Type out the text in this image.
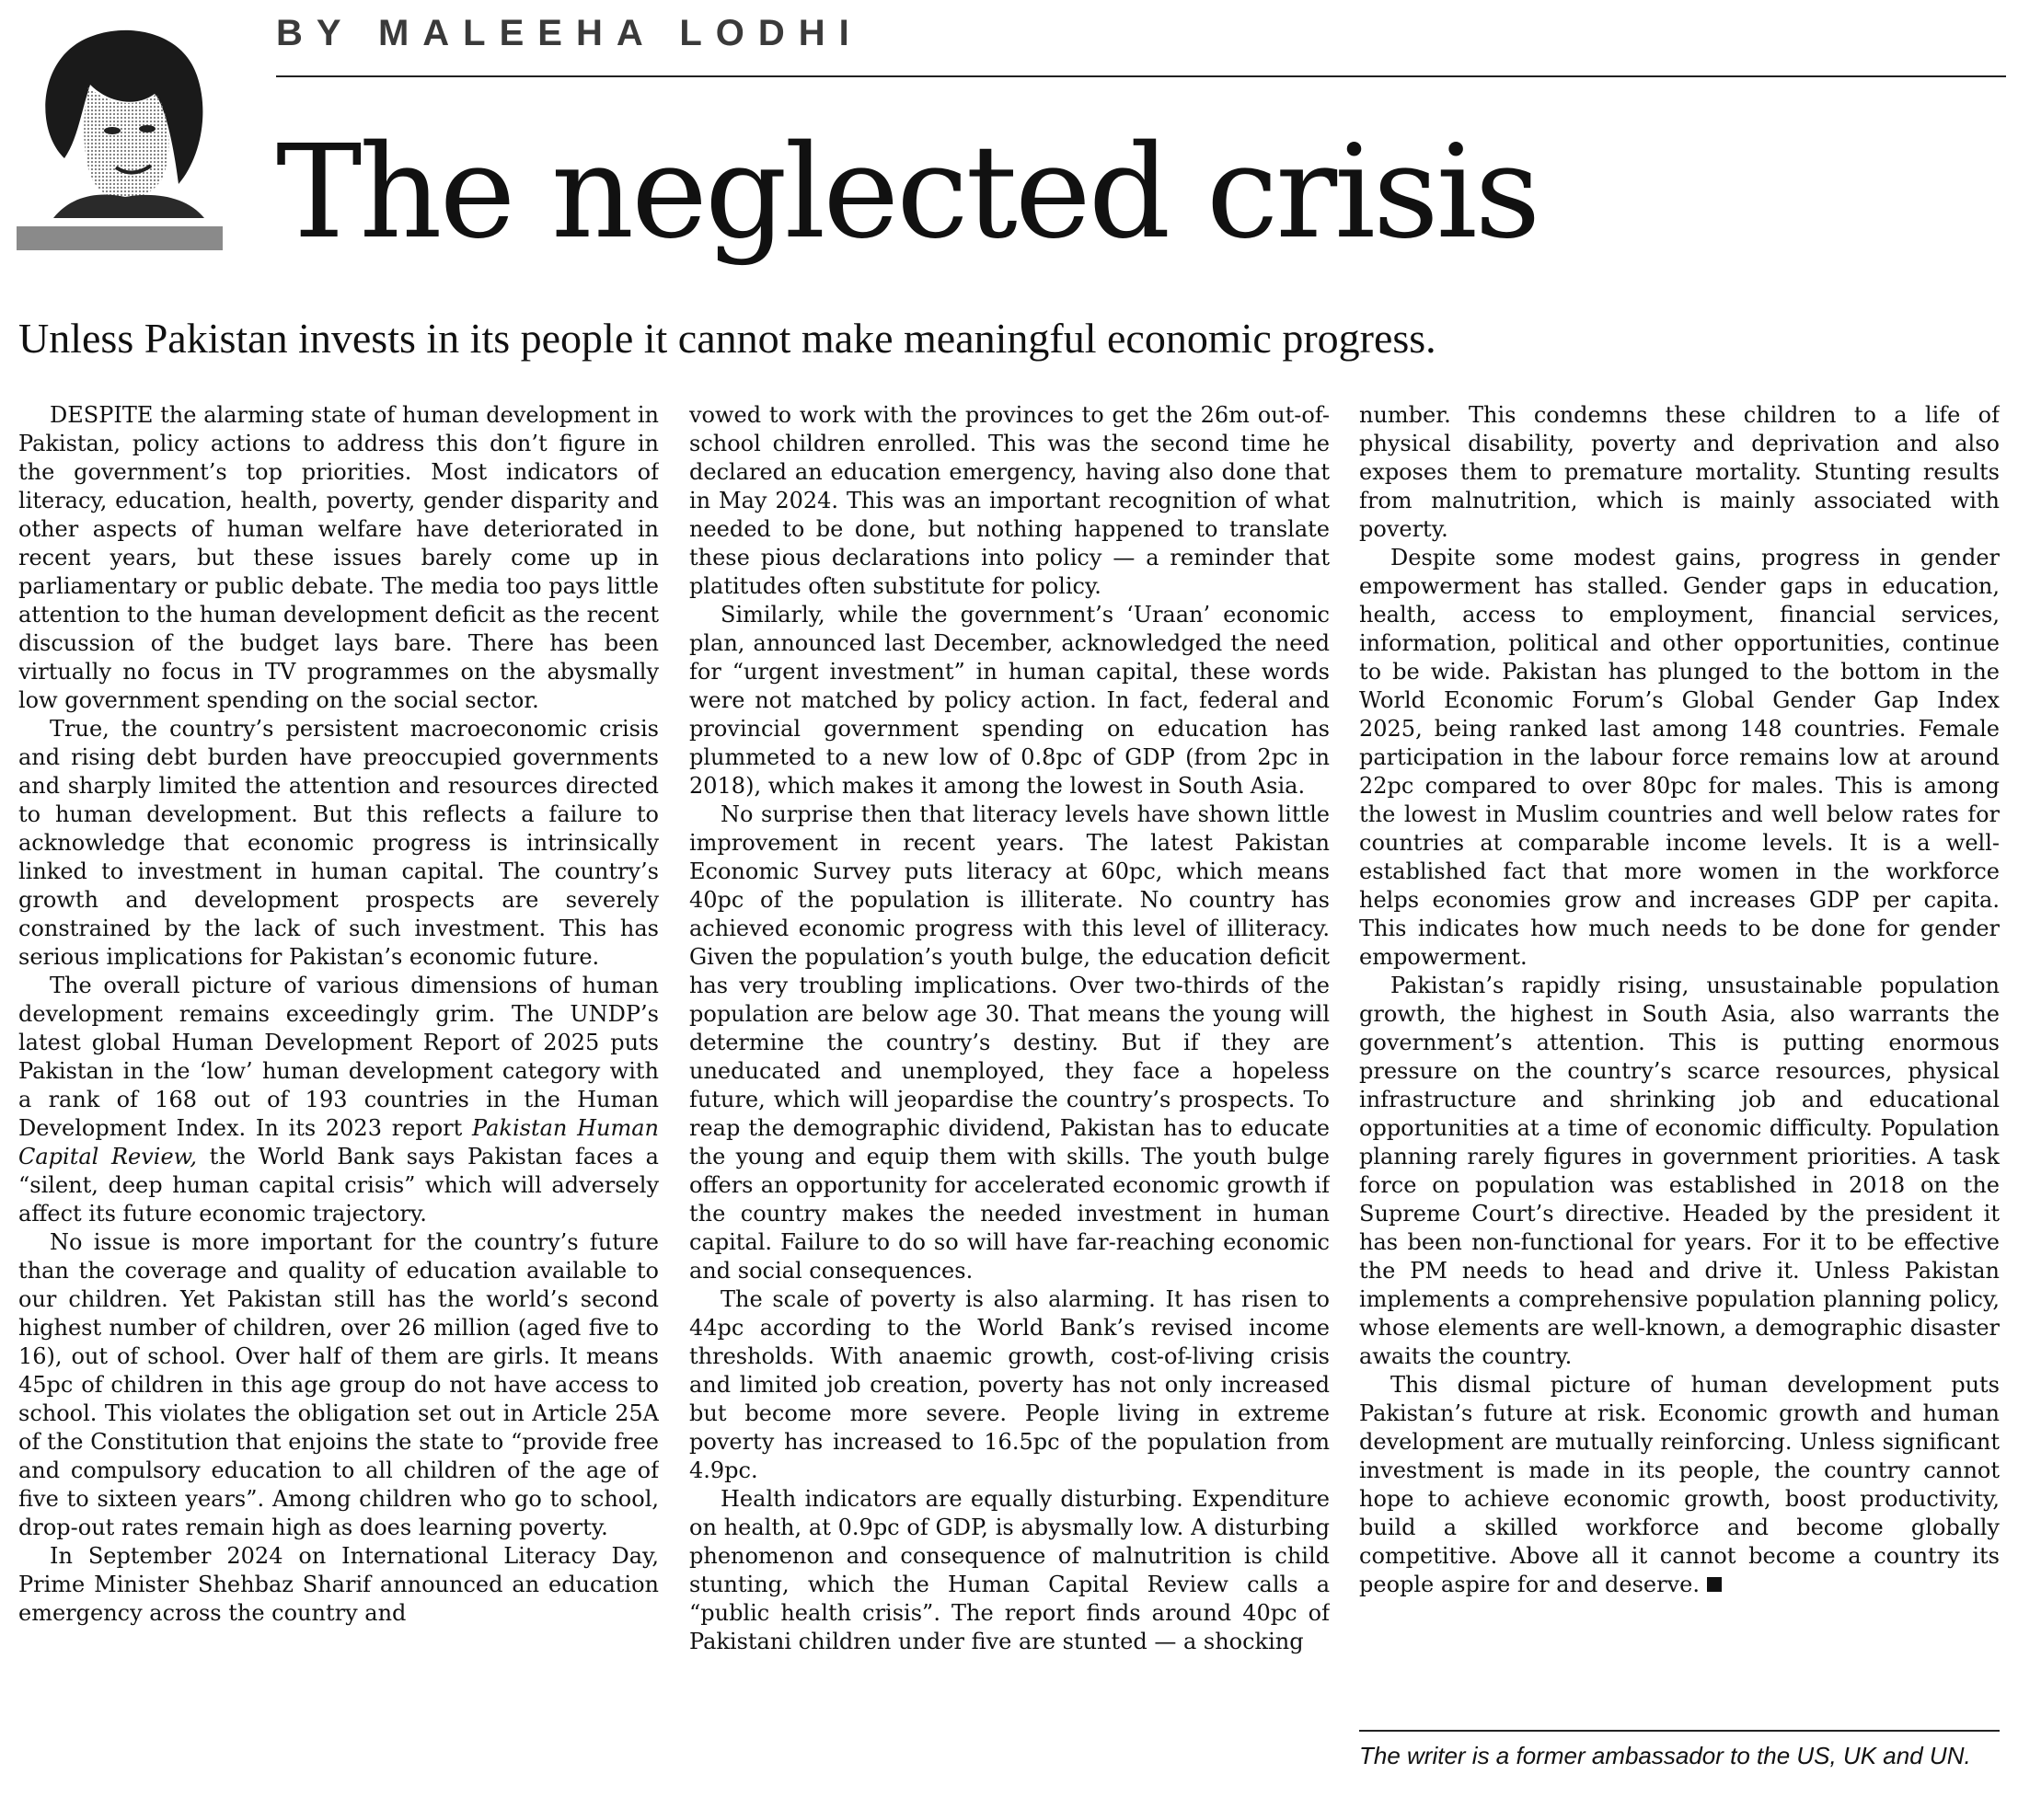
BY MALEEHA LODHI
The neglected crisis
Unless Pakistan invests in its people it cannot make meaningful economic progress.

DESPITE the alarming state of human development in Pakistan, policy actions to address this don’t figure in the government’s top priorities. Most indicators of literacy, education, health, poverty, gender disparity and other aspects of human welfare have deteriorated in recent years, but these issues barely come up in parliamentary or public debate. The media too pays little attention to the human development deficit as the recent discussion of the budget lays bare. There has been virtually no focus in TV programmes on the abysmally low government spending on the social sector.

True, the country’s persistent macroeconomic crisis and rising debt burden have preoccupied governments and sharply limited the attention and resources directed to human development. But this reflects a failure to acknowledge that economic progress is intrinsically linked to investment in human capital. The country’s growth and development prospects are severely constrained by the lack of such investment. This has serious implications for Pakistan’s economic future.

The overall picture of various dimensions of human development remains exceedingly grim. The UNDP’s latest global Human Development Report of 2025 puts Pakistan in the ‘low’ human development category with a rank of 168 out of 193 countries in the Human Development Index. In its 2023 report Pakistan Human Capital Review, the World Bank says Pakistan faces a “silent, deep human capital crisis” which will adversely affect its future economic trajectory.

No issue is more important for the country’s future than the coverage and quality of education available to our children. Yet Pakistan still has the world’s second highest number of children, over 26 million (aged five to 16), out of school. Over half of them are girls. It means 45pc of children in this age group do not have access to school. This violates the obligation set out in Article 25A of the Constitution that enjoins the state to “provide free and compulsory education to all children of the age of five to sixteen years”. Among children who go to school, drop-out rates remain high as does learning poverty.

In September 2024 on International Literacy Day, Prime Minister Shehbaz Sharif announced an education emergency across the country and

vowed to work with the provinces to get the 26m out-of-school children enrolled. This was the second time he declared an education emergency, having also done that in May 2024. This was an important recognition of what needed to be done, but nothing happened to translate these pious declarations into policy — a reminder that platitudes often substitute for policy.

Similarly, while the government’s ‘Uraan’ economic plan, announced last December, acknowledged the need for “urgent investment” in human capital, these words were not matched by policy action. In fact, federal and provincial government spending on education has plummeted to a new low of 0.8pc of GDP (from 2pc in 2018), which makes it among the lowest in South Asia.

No surprise then that literacy levels have shown little improvement in recent years. The latest Pakistan Economic Survey puts literacy at 60pc, which means 40pc of the population is illiterate. No country has achieved economic progress with this level of illiteracy. Given the population’s youth bulge, the education deficit has very troubling implications. Over two-thirds of the population are below age 30. That means the young will determine the country’s destiny. But if they are uneducated and unemployed, they face a hopeless future, which will jeopardise the country’s prospects. To reap the demographic dividend, Pakistan has to educate the young and equip them with skills. The youth bulge offers an opportunity for accelerated economic growth if the country makes the needed investment in human capital. Failure to do so will have far-reaching economic and social consequences.

The scale of poverty is also alarming. It has risen to 44pc according to the World Bank’s revised income thresholds. With anaemic growth, cost-of-living crisis and limited job creation, poverty has not only increased but become more severe. People living in extreme poverty has increased to 16.5pc of the population from 4.9pc.

Health indicators are equally disturbing. Expenditure on health, at 0.9pc of GDP, is abysmally low. A disturbing phenomenon and consequence of malnutrition is child stunting, which the Human Capital Review calls a “public health crisis”. The report finds around 40pc of Pakistani children under five are stunted — a shocking

number. This condemns these children to a life of physical disability, poverty and deprivation and also exposes them to premature mortality. Stunting results from malnutrition, which is mainly associated with poverty.

Despite some modest gains, progress in gender empowerment has stalled. Gender gaps in education, health, access to employment, financial services, information, political and other opportunities, continue to be wide. Pakistan has plunged to the bottom in the World Economic Forum’s Global Gender Gap Index 2025, being ranked last among 148 countries. Female participation in the labour force remains low at around 22pc compared to over 80pc for males. This is among the lowest in Muslim countries and well below rates for countries at comparable income levels. It is a well-established fact that more women in the workforce helps economies grow and increases GDP per capita. This indicates how much needs to be done for gender empowerment.

Pakistan’s rapidly rising, unsustainable population growth, the highest in South Asia, also warrants the government’s attention. This is putting enormous pressure on the country’s scarce resources, physical infrastructure and shrinking job and educational opportunities at a time of economic difficulty. Population planning rarely figures in government priorities. A task force on population was established in 2018 on the Supreme Court’s directive. Headed by the president it has been non-functional for years. For it to be effective the PM needs to head and drive it. Unless Pakistan implements a comprehensive population planning policy, whose elements are well-known, a demographic disaster awaits the country.

This dismal picture of human development puts Pakistan’s future at risk. Economic growth and human development are mutually reinforcing. Unless significant investment is made in its people, the country cannot hope to achieve economic growth, boost productivity, build a skilled workforce and become globally competitive. Above all it cannot become a country its people aspire for and deserve.

The writer is a former ambassador to the US, UK and UN.
